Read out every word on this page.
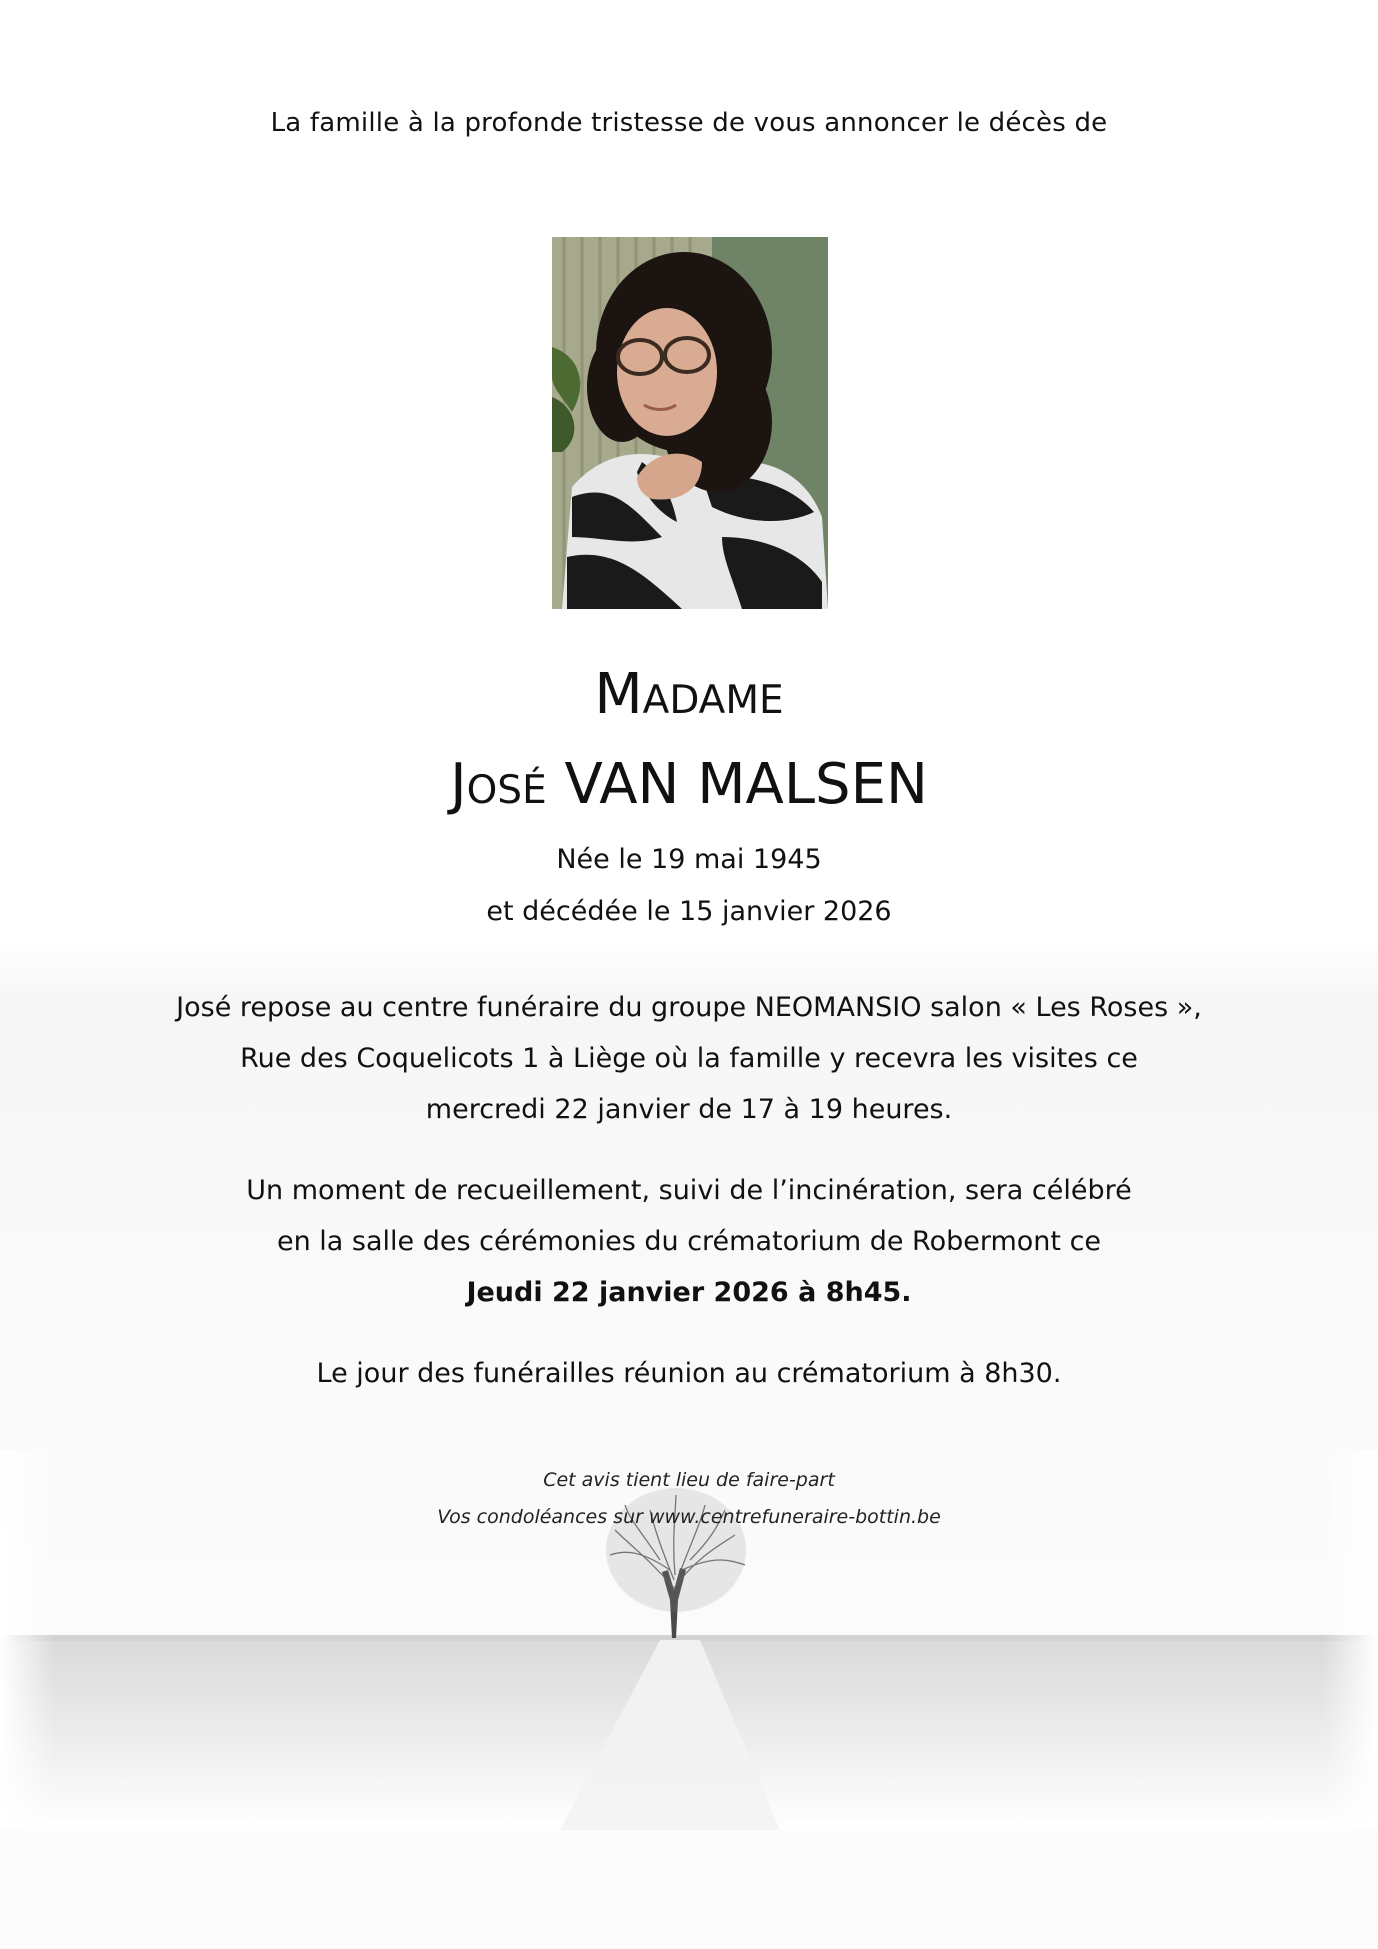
La famille à la profonde tristesse de vous annoncer le décès de
Madame
José VAN MALSEN
Née le 19 mai 1945
et décédée le 15 janvier 2026
José repose au centre funéraire du groupe NEOMANSIO salon « Les Roses »,
Rue des Coquelicots 1 à Liège où la famille y recevra les visites ce
mercredi 22 janvier de 17 à 19 heures.
Un moment de recueillement, suivi de l’incinération, sera célébré
en la salle des cérémonies du crématorium de Robermont ce
Jeudi 22 janvier 2026 à 8h45.
Le jour des funérailles réunion au crématorium à 8h30.
Cet avis tient lieu de faire-part
Vos condoléances sur www.centrefuneraire-bottin.be
